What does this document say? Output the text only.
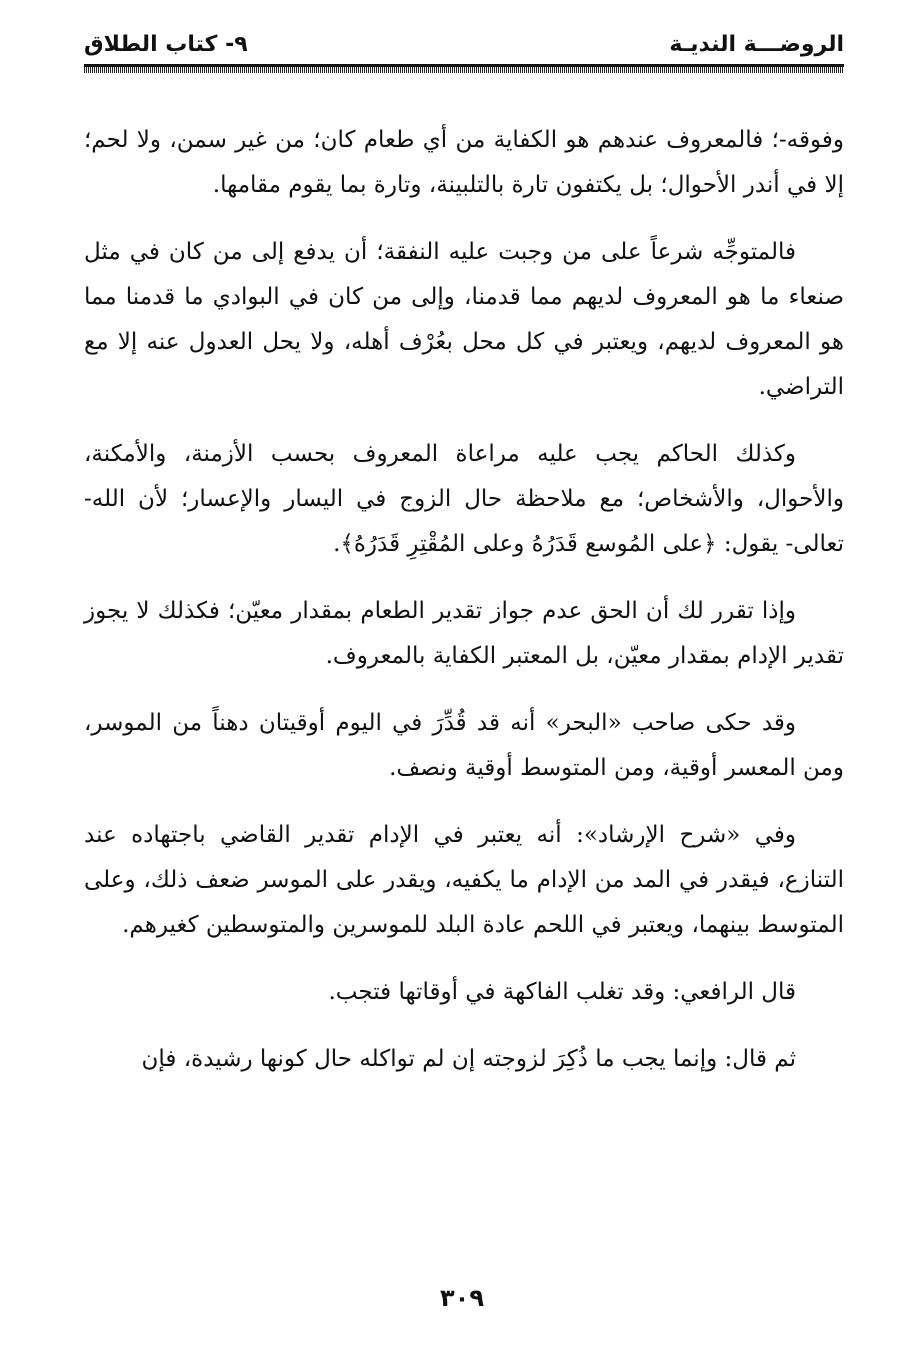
الروضـــة النديـة
٩- كتاب الطلاق

وفوقه-؛ فالمعروف عندهم هو الكفاية من أي طعام كان؛ من غير سمن، ولا لحم؛ إلا في أندر الأحوال؛ بل يكتفون تارة بالتلبينة، وتارة بما يقوم مقامها.

فالمتوجِّه شرعاً على من وجبت عليه النفقة؛ أن يدفع إلى من كان في مثل صنعاء ما هو المعروف لديهم مما قدمنا، وإلى من كان في البوادي ما قدمنا مما هو المعروف لديهم، ويعتبر في كل محل بعُرْف أهله، ولا يحل العدول عنه إلا مع التراضي.

وكذلك الحاكم يجب عليه مراعاة المعروف بحسب الأزمنة، والأمكنة، والأحوال، والأشخاص؛ مع ملاحظة حال الزوج في اليسار والإعسار؛ لأن الله- تعالى- يقول: ﴿على المُوسع قَدَرُهُ وعلى المُقْتِرِ قَدَرُهُ﴾.

وإذا تقرر لك أن الحق عدم جواز تقدير الطعام بمقدار معيّن؛ فكذلك لا يجوز تقدير الإدام بمقدار معيّن، بل المعتبر الكفاية بالمعروف.

وقد حكى صاحب «البحر» أنه قد قُدِّرَ في اليوم أوقيتان دهناً من الموسر، ومن المعسر أوقية، ومن المتوسط أوقية ونصف.

وفي «شرح الإرشاد»: أنه يعتبر في الإدام تقدير القاضي باجتهاده عند التنازع، فيقدر في المد من الإدام ما يكفيه، ويقدر على الموسر ضعف ذلك، وعلى المتوسط بينهما، ويعتبر في اللحم عادة البلد للموسرين والمتوسطين كغيرهم.

قال الرافعي: وقد تغلب الفاكهة في أوقاتها فتجب.

ثم قال: وإنما يجب ما ذُكِرَ لزوجته إن لم تواكله حال كونها رشيدة، فإن

٣٠٩
